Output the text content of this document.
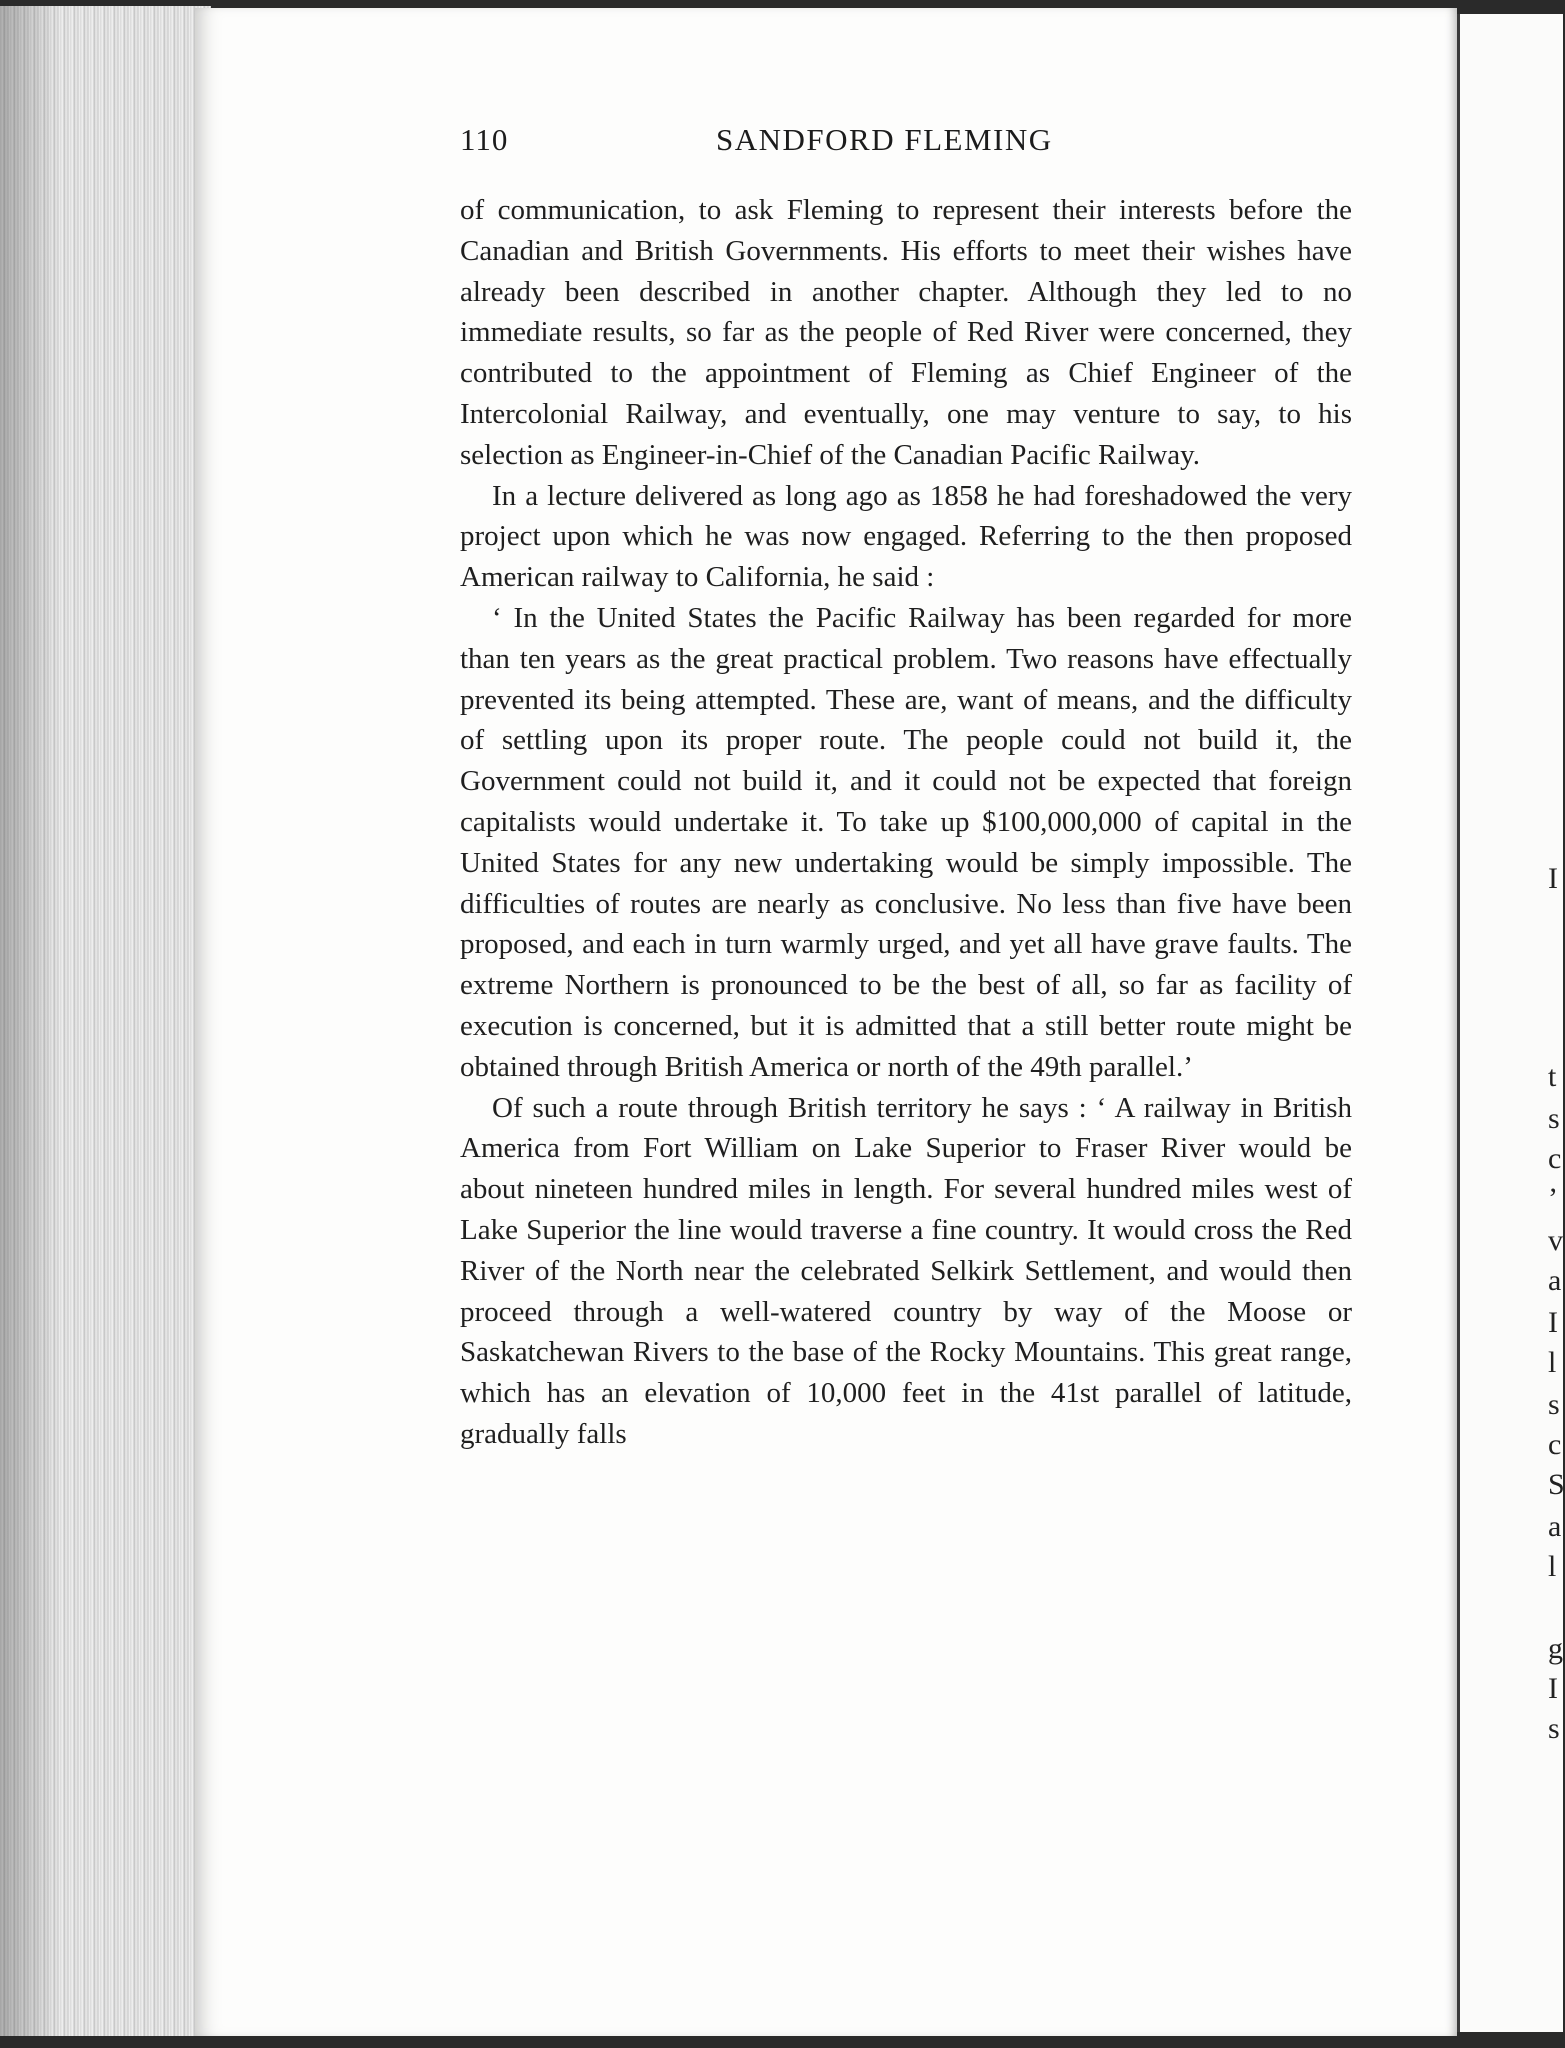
I
t
s
c
’
v
a
I
l
s
c
S
a
l
g
I
s
110	SANDFORD FLEMING

of communication, to ask Fleming to represent their interests before the Canadian and British Governments. His efforts to meet their wishes have already been described in another chapter. Although they led to no immediate results, so far as the people of Red River were concerned, they contributed to the appointment of Fleming as Chief Engineer of the Intercolonial Railway, and eventually, one may venture to say, to his selection as Engineer-in-Chief of the Canadian Pacific Railway.

In a lecture delivered as long ago as 1858 he had foreshadowed the very project upon which he was now engaged. Referring to the then proposed American railway to California, he said :

‘ In the United States the Pacific Railway has been regarded for more than ten years as the great practical problem. Two reasons have effectually prevented its being attempted. These are, want of means, and the difficulty of settling upon its proper route. The people could not build it, the Government could not build it, and it could not be expected that foreign capitalists would undertake it. To take up $100,000,000 of capital in the United States for any new undertaking would be simply impossible. The difficulties of routes are nearly as conclusive. No less than five have been proposed, and each in turn warmly urged, and yet all have grave faults. The extreme Northern is pronounced to be the best of all, so far as facility of execution is concerned, but it is admitted that a still better route might be obtained through British America or north of the 49th parallel.’

Of such a route through British territory he says : ‘ A railway in British America from Fort William on Lake Superior to Fraser River would be about nineteen hundred miles in length. For several hundred miles west of Lake Superior the line would traverse a fine country. It would cross the Red River of the North near the celebrated Selkirk Settlement, and would then proceed through a well-watered country by way of the Moose or Saskatchewan Rivers to the base of the Rocky Mountains. This great range, which has an elevation of 10,000 feet in the 41st parallel of latitude, gradually falls
